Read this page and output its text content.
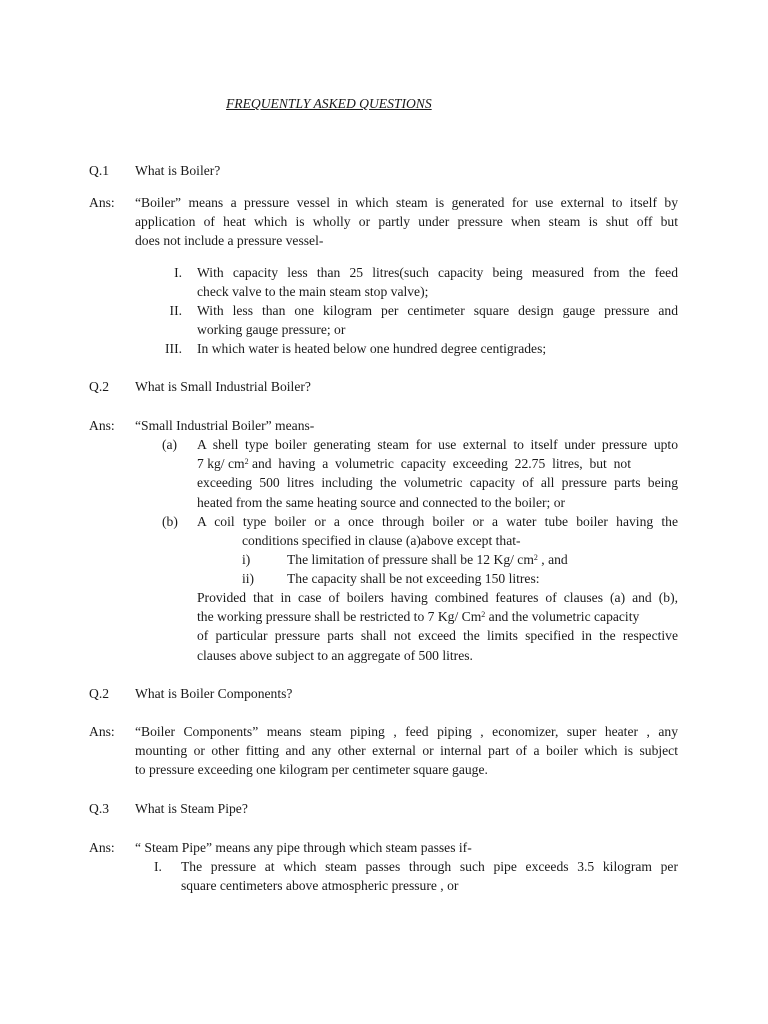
FREQUENTLY ASKED QUESTIONS
Q.1 What is Boiler?
Ans: “Boiler” means a pressure vessel in which steam is generated for use external to itself by
application of heat which is wholly or partly under pressure when steam is shut off but
does not include a pressure vessel-
I. With capacity less than 25 litres(such capacity being measured from the feed
check valve to the main steam stop valve);
II. With less than one kilogram per centimeter square design gauge pressure and
working gauge pressure; or
III. In which water is heated below one hundred degree centigrades;
Q.2 What is Small Industrial Boiler?
Ans: “Small Industrial Boiler” means-
(a) A shell type boiler generating steam for use external to itself under pressure upto
7 kg/ $cm^2$ and  having  a  volumetric  capacity  exceeding  22.75  litres,  but  not
exceeding 500 litres including the volumetric capacity of all pressure parts being
heated from the same heating source and connected to the boiler; or
(b) A coil type boiler or a once through boiler or a water tube boiler having the
conditions specified in clause (a)above except that-
i)	The limitation of pressure shall be 12 Kg/ $cm^2$ , and
ii) The capacity shall be not exceeding 150 litres:
Provided that in case of boilers having combined features of clauses (a) and (b),
the working pressure shall be restricted to 7 Kg/ Cm$^2$ and the volumetric capacity
of particular pressure parts shall not exceed the limits specified in the respective
clauses above subject to an aggregate of 500 litres.
Q.2 What is Boiler Components?
Ans: “Boiler Components” means steam piping , feed piping , economizer, super heater , any
mounting or other fitting and any other external or internal part of a boiler which is subject
to pressure exceeding one kilogram per centimeter square gauge.
Q.3 What is Steam Pipe?
Ans: “ Steam Pipe” means any pipe through which steam passes if-
I. The pressure at which steam passes through such pipe exceeds 3.5 kilogram per
square centimeters above atmospheric pressure , or
